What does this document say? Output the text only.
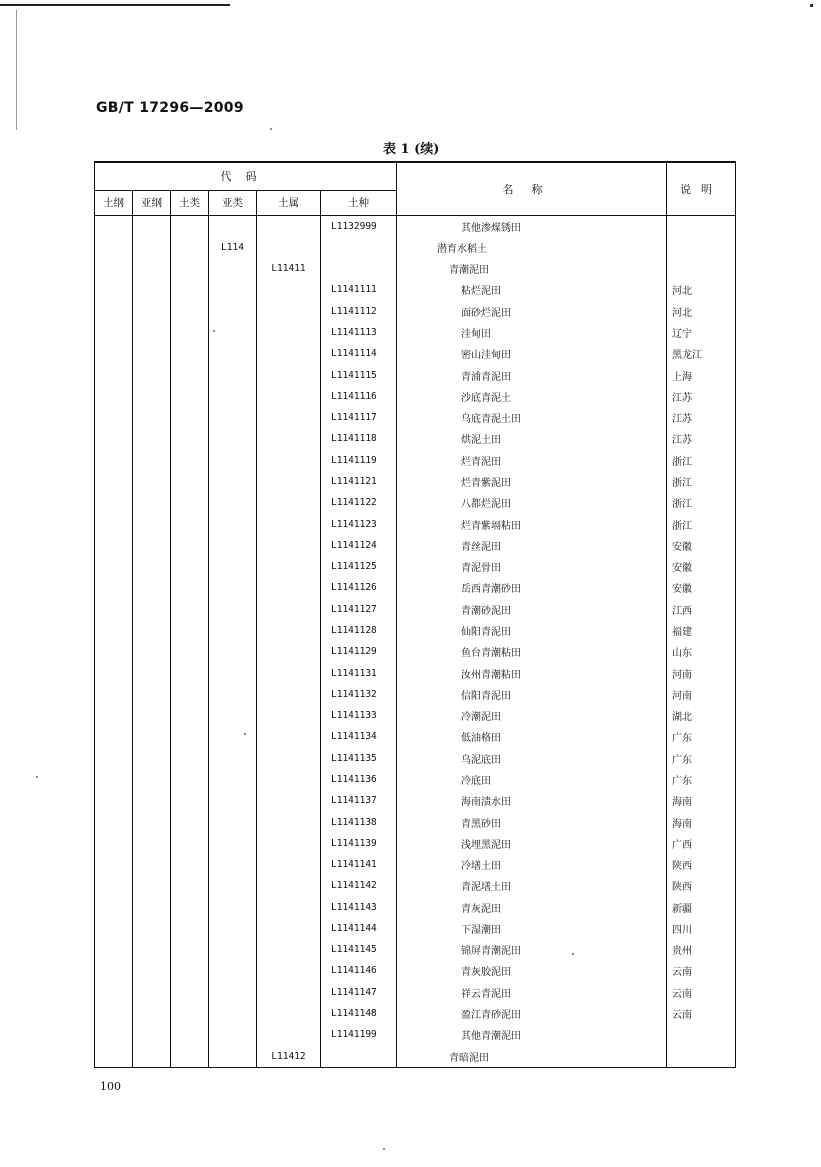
GB/T 17296—2009
表 1 (续)
代码						名称	说明
土纲	亚纲	土类	亚类	土属	土种		
					L1132999	其他渗煤锈田	
			L114			潜育水稻土	
				L11411		青潮泥田	
					L1141111	粘烂泥田	河北
					L1141112	面砂烂泥田	河北
					L1141113	洼甸田	辽宁
					L1141114	密山洼甸田	黑龙江
					L1141115	青浦青泥田	上海
					L1141116	沙底青泥土	江苏
					L1141117	乌底青泥土田	江苏
					L1141118	烘泥土田	江苏
					L1141119	烂青泥田	浙江
					L1141121	烂青紫泥田	浙江
					L1141122	八都烂泥田	浙江
					L1141123	烂青紫塥粘田	浙江
					L1141124	青丝泥田	安徽
					L1141125	青泥骨田	安徽
					L1141126	岳西青潮砂田	安徽
					L1141127	青潮砂泥田	江西
					L1141128	仙阳青泥田	福建
					L1141129	鱼台青潮粘田	山东
					L1141131	汝州青潮粘田	河南
					L1141132	信阳青泥田	河南
					L1141133	冷潮泥田	湖北
					L1141134	低油格田	广东
					L1141135	乌泥底田	广东
					L1141136	冷底田	广东
					L1141137	海南渍水田	海南
					L1141138	青黑砂田	海南
					L1141139	浅埋黑泥田	广西
					L1141141	冷墡土田	陕西
					L1141142	青泥墡土田	陕西
					L1141143	青灰泥田	新疆
					L1141144	下湿潮田	四川
					L1141145	锦屏青潮泥田	贵州
					L1141146	青灰胶泥田	云南
					L1141147	祥云青泥田	云南
					L1141148	盈江青砂泥田	云南
					L1141199	其他青潮泥田	
				L11412		青暗泥田	
100
